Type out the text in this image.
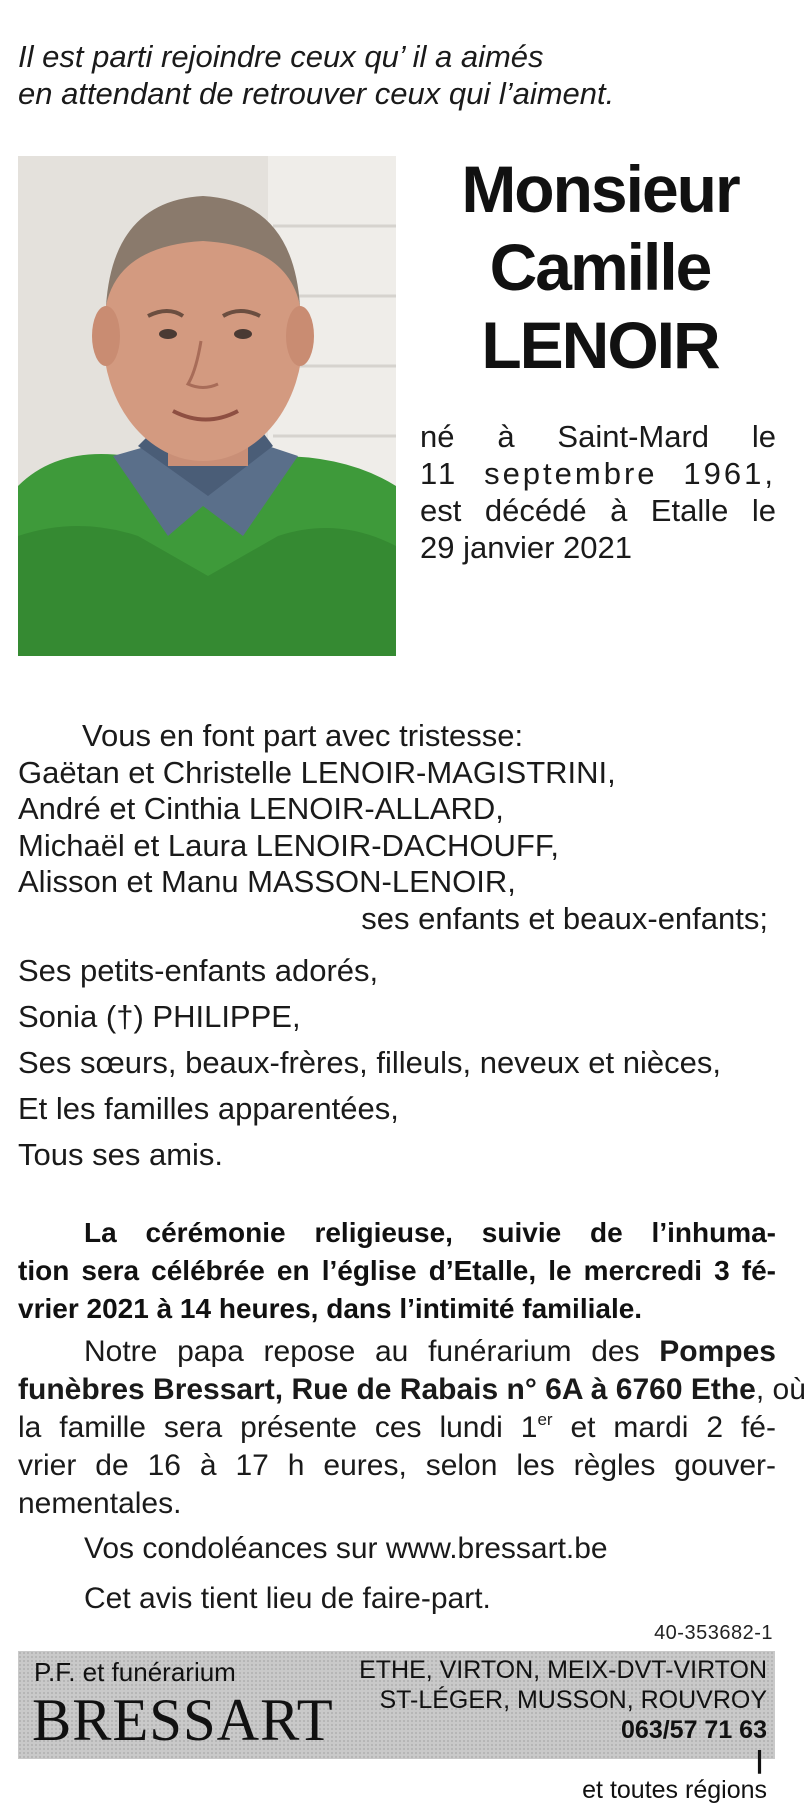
Il est parti rejoindre ceux qu’ il a aimés
en attendant de retrouver ceux qui l’aiment.
Monsieur
Camille
LENOIR
né à Saint-Mard le
11 septembre 1961,
est décédé à Etalle le
29 janvier 2021
Vous en font part avec tristesse:
Gaëtan et Christelle LENOIR-MAGISTRINI,
André et Cinthia LENOIR-ALLARD,
Michaël et Laura LENOIR-DACHOUFF,
Alisson et Manu MASSON-LENOIR,
ses enfants et beaux-enfants;
Ses petits-enfants adorés,
Sonia (†) PHILIPPE,
Ses sœurs, beaux-frères, filleuls, neveux et nièces,
Et les familles apparentées,
Tous ses amis.
La cérémonie religieuse, suivie de l’inhuma-
tion sera célébrée en l’église d’Etalle, le mercredi 3 fé-
vrier 2021 à 14 heures, dans l’intimité familiale.
Notre papa repose au funérarium des Pompes
funèbres Bressart, Rue de Rabais n° 6A à 6760 Ethe, où
la famille sera présente ces lundi 1er et mardi 2 fé-
vrier de 16 à 17 h eures, selon les règles gouver-
nementales.
Vos condoléances sur www.bressart.be
Cet avis tient lieu de faire-part.
40-353682-1
P.F. et funérarium
BRESSART
ETHE, VIRTON, MEIX-DVT-VIRTON
ST-LÉGER, MUSSON, ROUVROY
063/57 71 63
|
et toutes régions
